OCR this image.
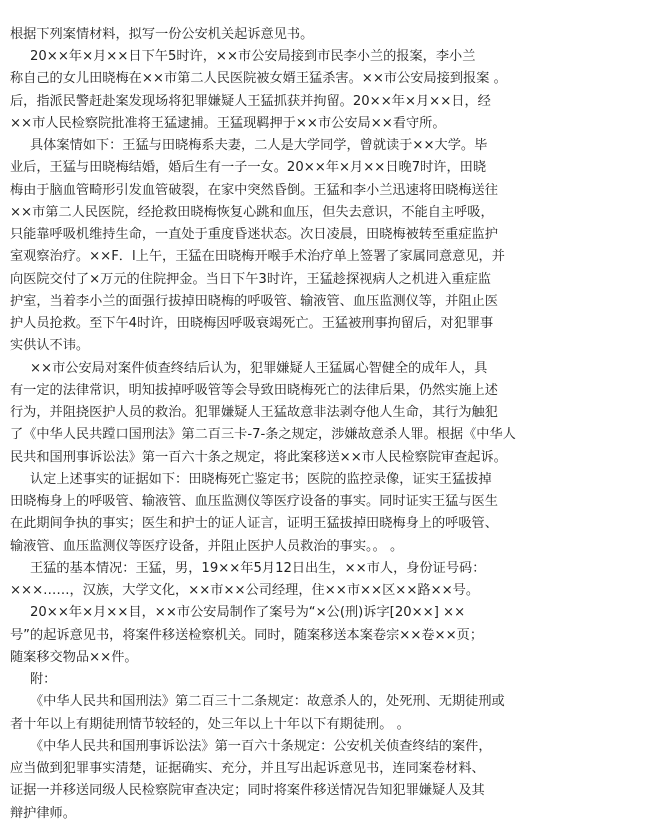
根据下列案情材料，拟写一份公安机关起诉意见书。
20××年×月××日下午5时许，××市公安局接到市民李小兰的报案，李小兰
称自己的女儿田晓梅在××市第二人民医院被女婿王猛杀害。××市公安局接到报案 。
后，指派民警赶赴案发现场将犯罪嫌疑人王猛抓获并拘留。20××年×月××日，经
××市人民检察院批准将王猛逮捕。王猛现羁押于××市公安局××看守所。
具体案情如下：王猛与田晓梅系夫妻，二人是大学同学，曾就读于××大学。毕
业后，王猛与田晓梅结婚，婚后生有一子一女。20××年×月××日晚7时许，田晓
梅由于脑血管畸形引发血管破裂，在家中突然昏倒。王猛和李小兰迅速将田晓梅送往
××市第二人民医院，经抢救田晓梅恢复心跳和血压，但失去意识，不能自主呼吸，
只能靠呼吸机维持生命，一直处于重度昏迷状态。次日凌晨，田晓梅被转至重症监护
室观察治疗。××F．l上午，王猛在田晓梅开喉手术治疗单上签署了家属同意意见，并
向医院交付了×万元的住院押金。当日下午3时许，王猛趁探视病人之机进入重症监
护室，当着李小兰的面强行拔掉田晓梅的呼吸管、输液管、血压监测仪等，并阻止医
护人员抢救。至下午4时许，田晓梅因呼吸衰竭死亡。王猛被刑事拘留后，对犯罪事
实供认不讳。
××市公安局对案件侦查终结后认为，犯罪嫌疑人王猛属心智健全的成年人，具
有一定的法律常识，明知拔掉呼吸管等会导致田晓梅死亡的法律后果，仍然实施上述
行为，并阻挠医护人员的救治。犯罪嫌疑人王猛故意非法剥夺他人生命，其行为触犯
了《中华人民共蹚口国刑法》第二百三卡-7-条之规定，涉嫌故意杀人罪。根据《中华人
民共和国刑事诉讼法》第一百六十条之规定，将此案移送××市人民检察院审查起诉。
认定上述事实的证据如下：田晓梅死亡鉴定书；医院的监控录像，证实王猛拔掉
田晓梅身上的呼吸管、输液管、血压监测仪等医疗设备的事实。同时证实王猛与医生
在此期间争执的事实；医生和护士的证人证言，证明王猛拔掉田晓梅身上的呼吸管、
输液管、血压监测仪等医疗设备，并阻止医护人员救治的事实。。 。
王猛的基本情况：王猛，男，19××年5月12日出生，××市人，身份证号码：
×××……，汉族，大学文化，××市××公司经理，住××市××区××路××号。
20××年×月××目，××市公安局制作了案号为“×公(刑)诉字[20××] ××
号”的起诉意见书，将案件移送检察机关。同时，随案移送本案卷宗××卷××页；
随案移交物品××件。
附：
《中华人民共和国刑法》第二百三十二条规定：故意杀人的，处死刑、无期徒刑或
者十年以上有期徒刑情节较轻的，处三年以上十年以下有期徒刑。 。
《中华人民共和国刑事诉讼法》第一百六十条规定：公安机关侦查终结的案件，
应当做到犯罪事实清楚，证据确实、充分，并且写出起诉意见书，连同案卷材料、
证据一并移送同级人民检察院审查决定；同时将案件移送情况告知犯罪嫌疑人及其
辩护律师。
